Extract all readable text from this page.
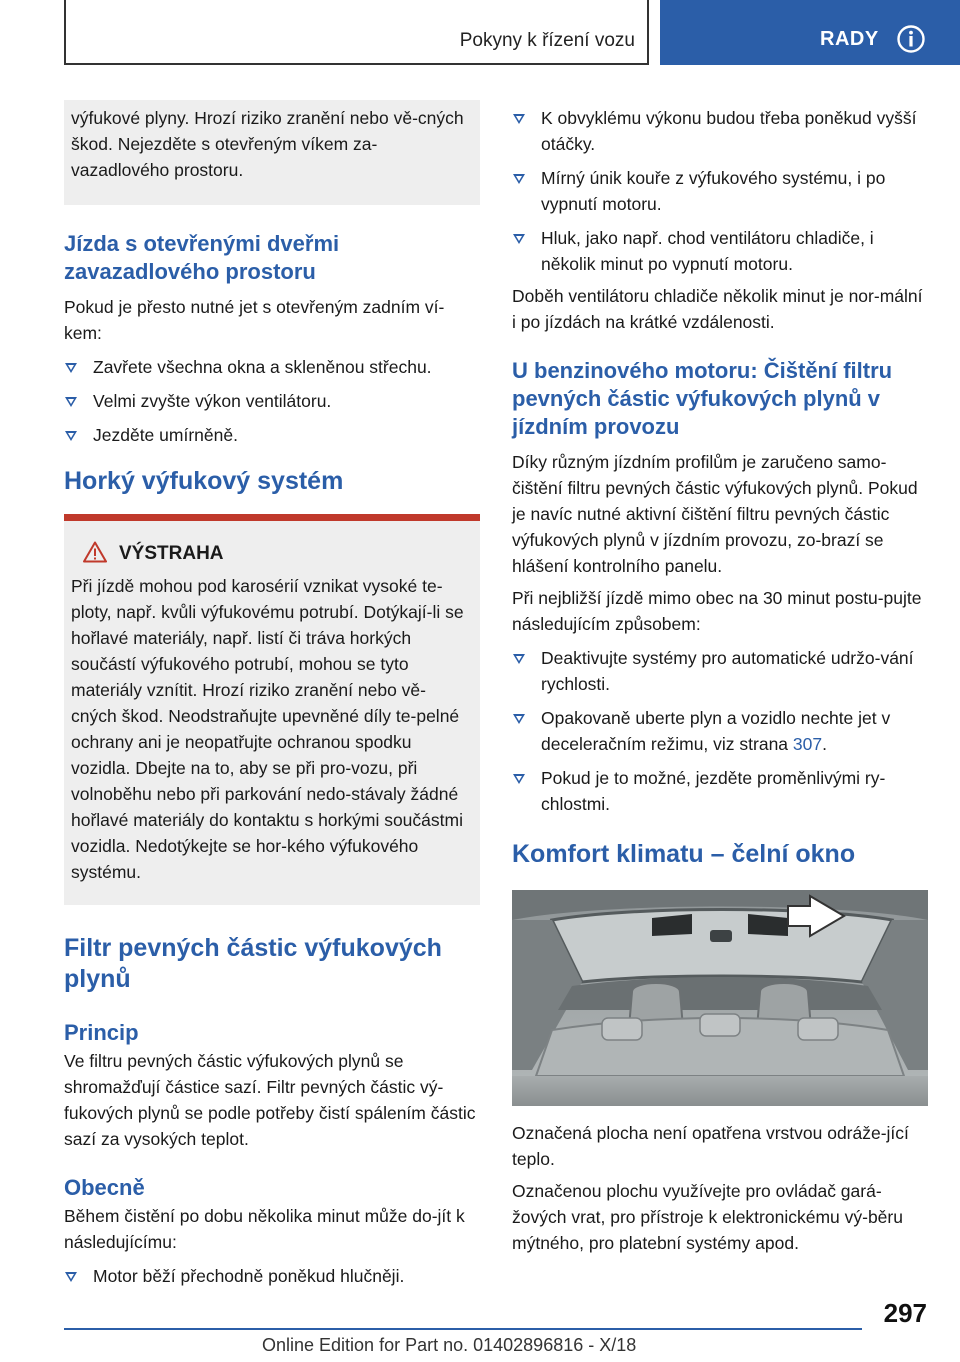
Pokyny k řízení vozu	RADY
výfukové plyny. Hrozí riziko zranění nebo vě-cných škod. Nejezděte s otevřeným víkem za-vazadlového prostoru.
Jízda s otevřenými dveřmi zavazadlového prostoru
Pokud je přesto nutné jet s otevřeným zadním ví-kem:
Zavřete všechna okna a skleněnou střechu.
Velmi zvyšte výkon ventilátoru.
Jezděte umírněně.
Horký výfukový systém
VÝSTRAHA
Při jízdě mohou pod karosérií vznikat vysoké te-ploty, např. kvůli výfukovému potrubí. Dotýkají-li se hořlavé materiály, např. listí či tráva horkých součástí výfukového potrubí, mohou se tyto materiály vznítit. Hrozí riziko zranění nebo vě-cných škod. Neodstraňujte upevněné díly te-pelné ochrany ani je neopatřujte ochranou spodku vozidla. Dbejte na to, aby se při pro-vozu, při volnoběhu nebo při parkování nedo-stávaly žádné hořlavé materiály do kontaktu s horkými součástmi vozidla. Nedotýkejte se hor-kého výfukového systému.
Filtr pevných částic výfukových plynů
Princip
Ve filtru pevných částic výfukových plynů se shromažďují částice sazí. Filtr pevných částic vý-fukových plynů se podle potřeby čistí spálením částic sazí za vysokých teplot.
Obecně
Během čistění po dobu několika minut může do-jít k následujícímu:
Motor běží přechodně poněkud hlučněji.
K obvyklému výkonu budou třeba poněkud vyšší otáčky.
Mírný únik kouře z výfukového systému, i po vypnutí motoru.
Hluk, jako např. chod ventilátoru chladiče, i několik minut po vypnutí motoru.
Doběh ventilátoru chladiče několik minut je nor-mální i po jízdách na krátké vzdálenosti.
U benzinového motoru: Čištění filtru pevných částic výfukových plynů v jízdním provozu
Díky různým jízdním profilům je zaručeno samo-čištění filtru pevných částic výfukových plynů. Pokud je navíc nutné aktivní čištění filtru pevných částic výfukových plynů v jízdním provozu, zo-brazí se hlášení kontrolního panelu.
Při nejbližší jízdě mimo obec na 30 minut postu-pujte následujícím způsobem:
Deaktivujte systémy pro automatické udržo-vání rychlosti.
Opakovaně uberte plyn a vozidlo nechte jet v deceleračním režimu, viz strana 307.
Pokud je to možné, jezděte proměnlivými ry-chlostmi.
Komfort klimatu – čelní okno
Označená plocha není opatřena vrstvou odráže-jící teplo.
Označenou plochu využívejte pro ovládač gará-žových vrat, pro přístroje k elektronickému vý-běru mýtného, pro platební systémy apod.
297
Online Edition for Part no. 01402896816 - X/18
